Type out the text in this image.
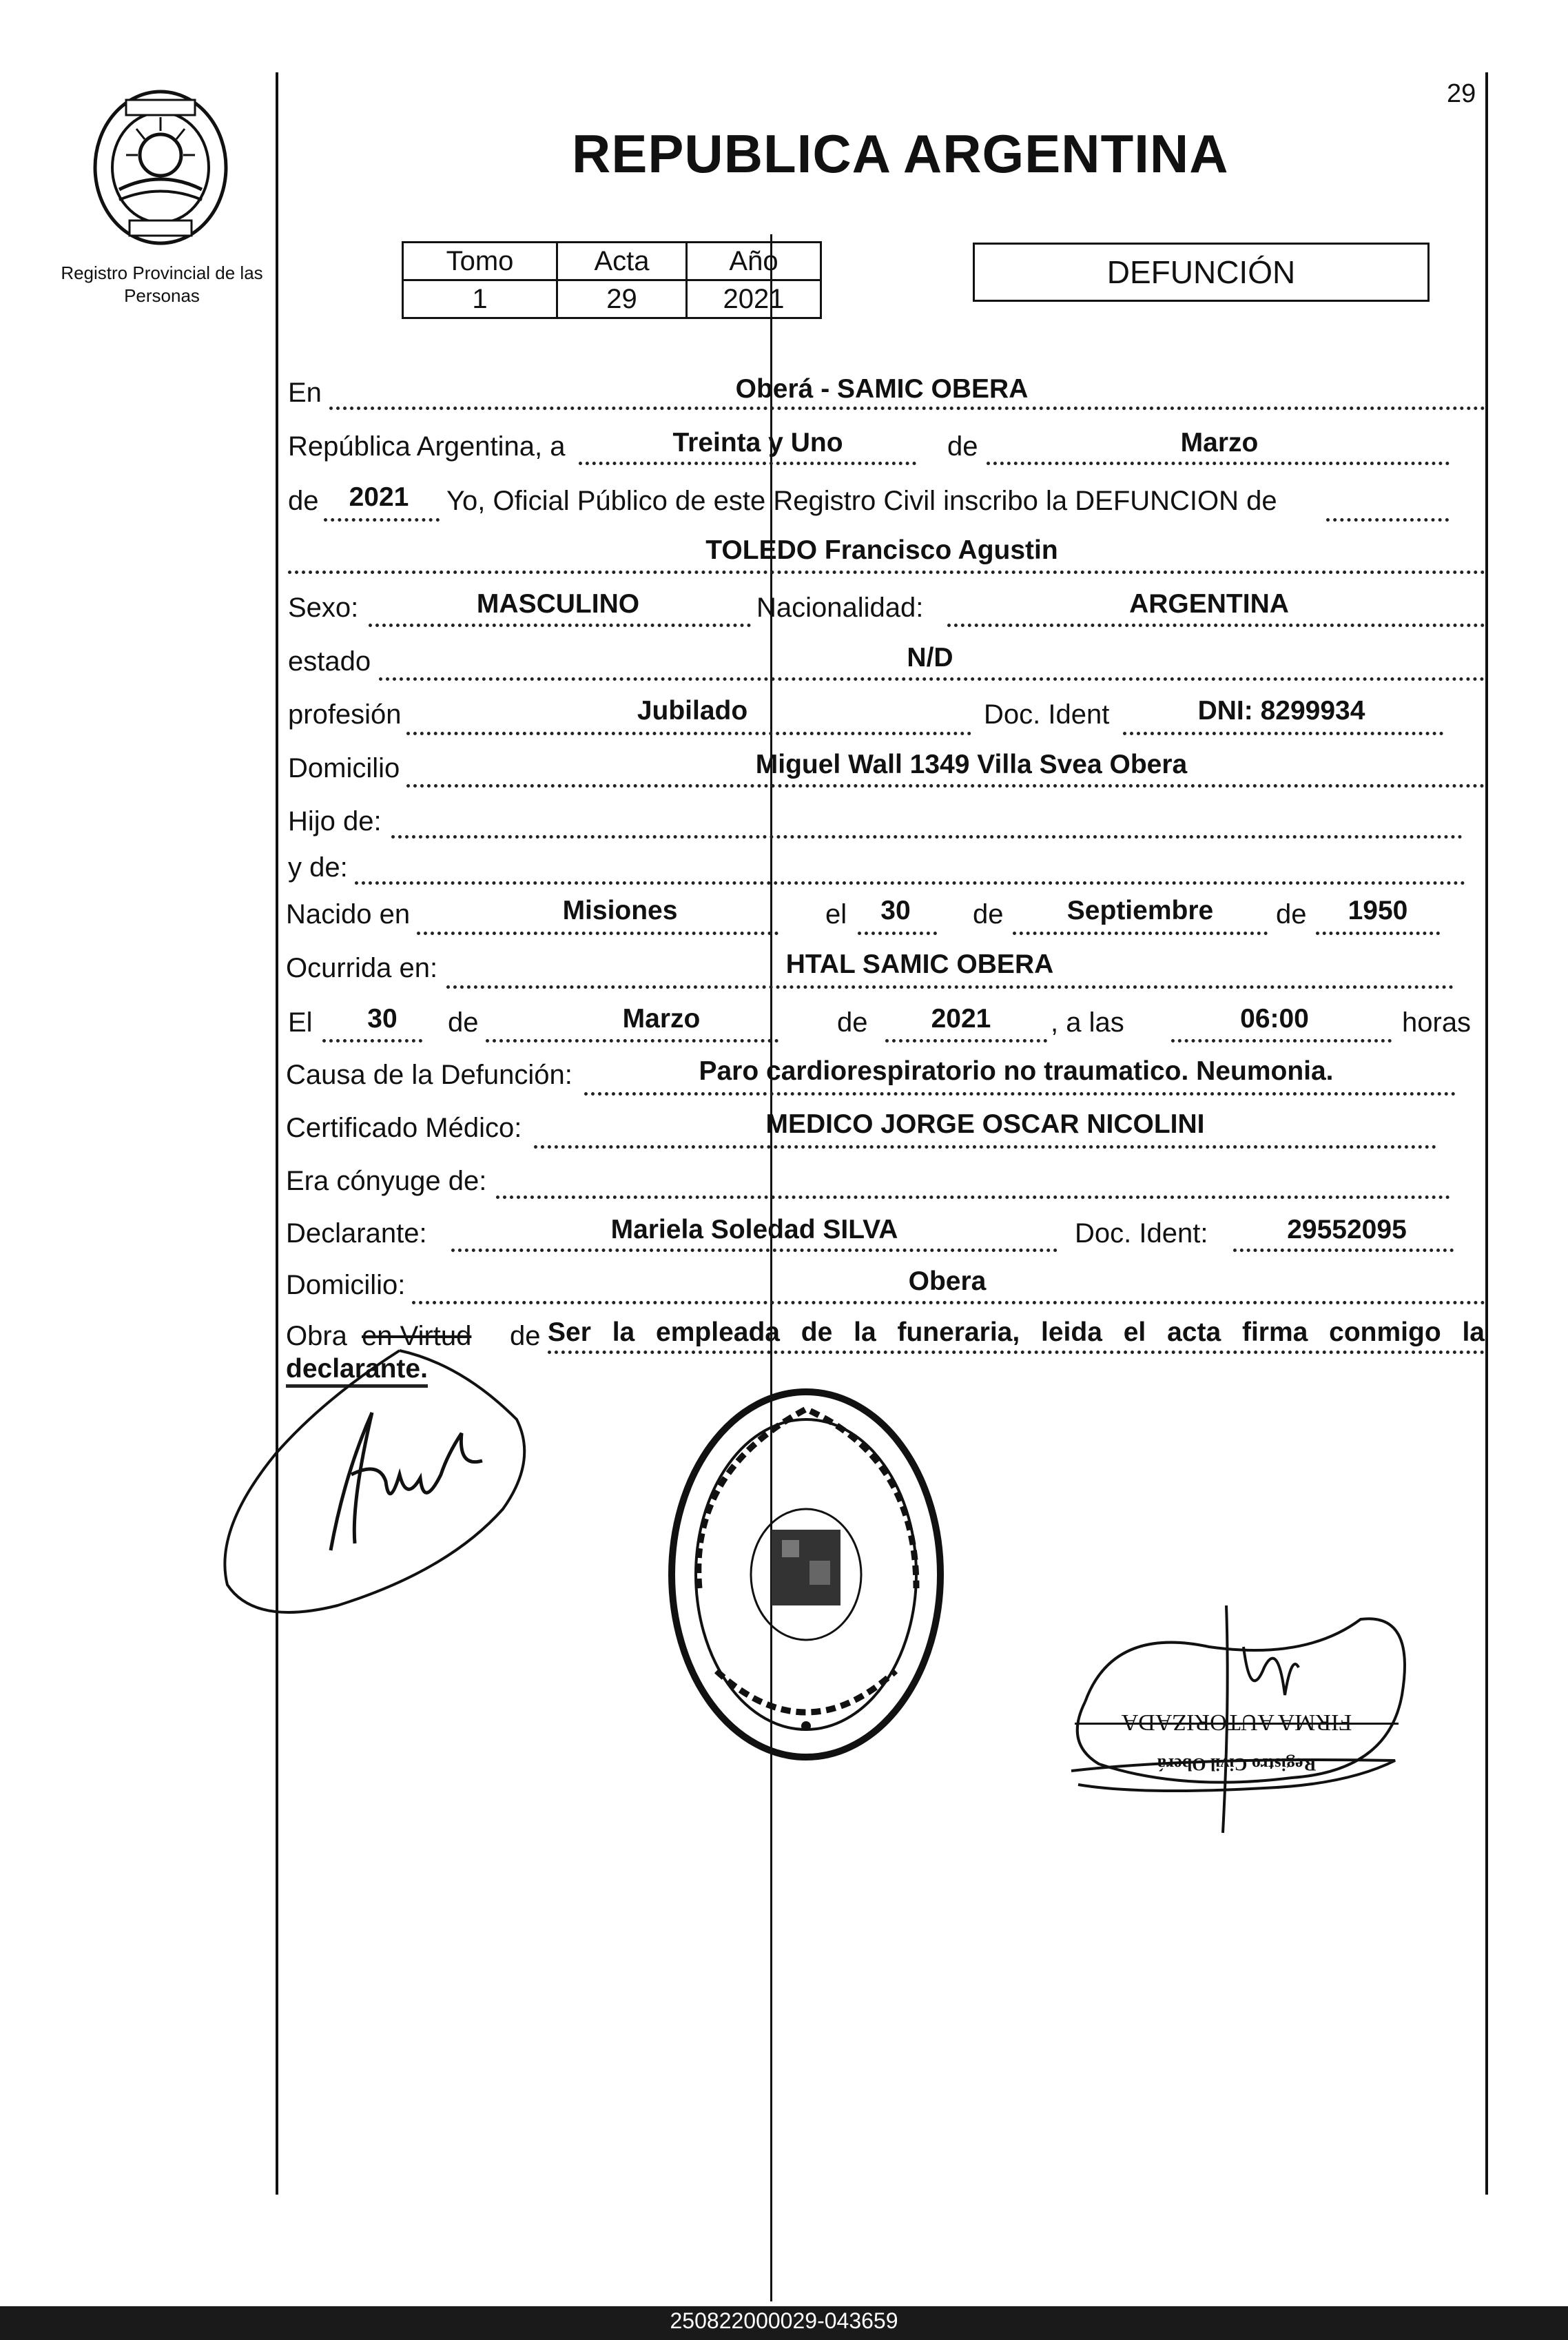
29
Registro Provincial de las Personas
REPUBLICA ARGENTINA
Tomo	Acta	Año
1	29	2021
DEFUNCIÓN
En	Oberá - SAMIC OBERA
República Argentina, a	Treinta y Uno	de	Marzo
de	2021	Yo, Oficial Público de este Registro Civil inscribo la DEFUNCION de
TOLEDO Francisco Agustin
Sexo:	MASCULINO	Nacionalidad:	ARGENTINA
estado	N/D
profesión	Jubilado	Doc. Ident	DNI: 8299934
Domicilio	Miguel Wall 1349 Villa Svea Obera
Hijo de:
y de:
Nacido en	Misiones	el	30	de	Septiembre	de	1950
Ocurrida en:	HTAL SAMIC OBERA
El	30	de	Marzo	de	2021	, a las	06:00	horas
Causa de la Defunción:	Paro cardiorespiratorio no traumatico. Neumonia.
Certificado Médico:	MEDICO JORGE OSCAR NICOLINI
Era cónyuge de:
Declarante:	Mariela Soledad SILVA	Doc. Ident:	29552095
Domicilio:	Obera
Obra en Virtud de Ser la empleada de la funeraria, leida el acta firma conmigo la
declarante.
FIRMA AUTORIZADA
Registro Civil Oberá
250822000029-043659
